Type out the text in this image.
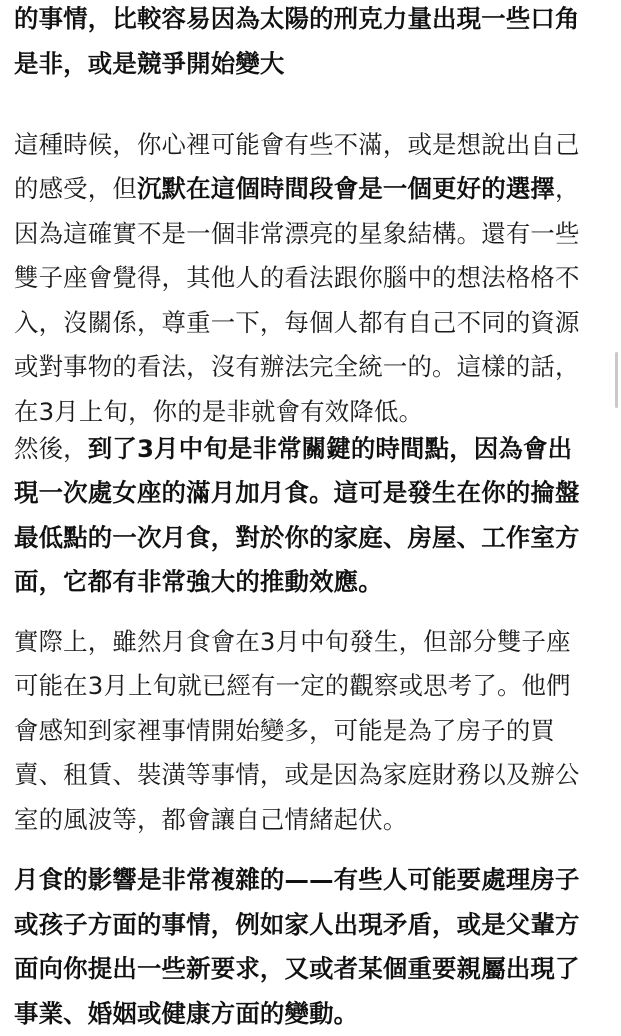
的事情，比較容易因為太陽的刑克力量出現一些口角
是非，或是競爭開始變大
這種時候，你心裡可能會有些不滿，或是想說出自己
的感受，但沉默在這個時間段會是一個更好的選擇，
因為這確實不是一個非常漂亮的星象結構。還有一些
雙子座會覺得，其他人的看法跟你腦中的想法格格不
入，沒關係，尊重一下，每個人都有自己不同的資源
或對事物的看法，沒有辦法完全統一的。這樣的話，
在3月上旬，你的是非就會有效降低。
然後，到了3月中旬是非常關鍵的時間點，因為會出
現一次處女座的滿月加月食。這可是發生在你的掄盤
最低點的一次月食，對於你的家庭、房屋、工作室方
面，它都有非常強大的推動效應。
實際上，雖然月食會在3月中旬發生，但部分雙子座
可能在3月上旬就已經有一定的觀察或思考了。他們
會感知到家裡事情開始變多，可能是為了房子的買
賣、租賃、裝潢等事情，或是因為家庭財務以及辦公
室的風波等，都會讓自己情緒起伏。
月食的影響是非常複雜的——有些人可能要處理房子
或孩子方面的事情，例如家人出現矛盾，或是父輩方
面向你提出一些新要求，又或者某個重要親屬出現了
事業、婚姻或健康方面的變動。
